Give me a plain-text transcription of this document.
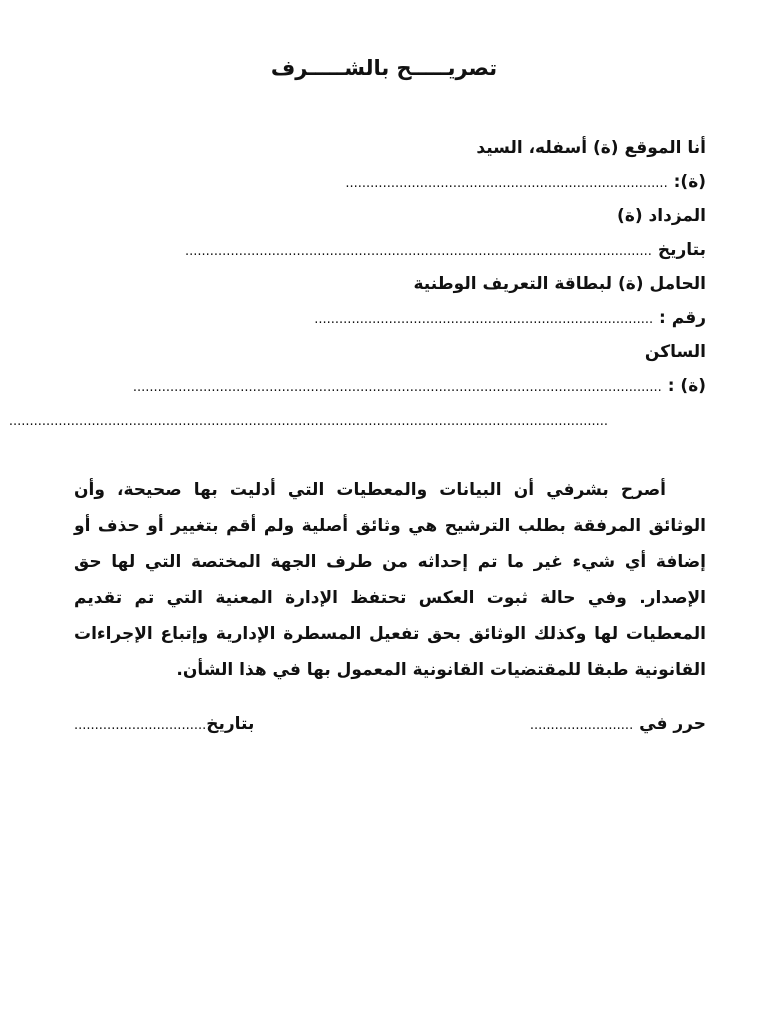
تصريـــــح بالشـــــرف
أنا الموقع (ة) أسفله، السيد
(ة): ..............................................................................
المزداد (ة)
بتاريخ .................................................................................................................
الحامل (ة) لبطاقة التعريف الوطنية
رقم : ..................................................................................
الساكن
(ة) : ................................................................................................................................
.................................................................................................................................................
أصرح بشرفي أن البيانات والمعطيات التي أدليت بها صحيحة، وأن الوثائق المرفقة بطلب الترشيح هي وثائق أصلية ولم أقم بتغيير أو حذف أو إضافة أي شيء غير ما تم إحداثه من طرف الجهة المختصة التي لها حق الإصدار. وفي حالة ثبوت العكس تحتفظ الإدارة المعنية التي تم تقديم المعطيات لها وكذلك الوثائق بحق تفعيل المسطرة الإدارية وإتباع الإجراءات القانونية طبقا للمقتضيات القانونية المعمول بها في هذا الشأن.
حرر في .........................
بتاريخ................................
